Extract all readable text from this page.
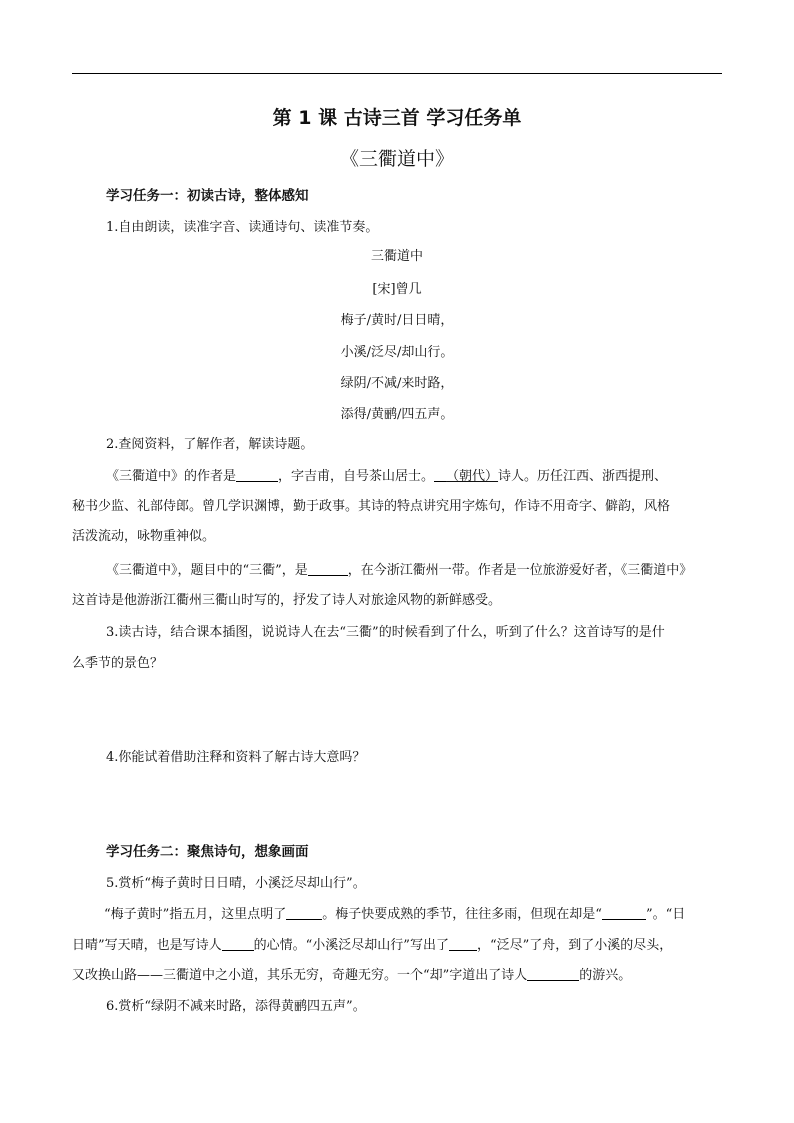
第 1 课 古诗三首 学习任务单
《三衢道中》
学习任务一：初读古诗，整体感知
1.自由朗读，读准字音、读通诗句、读准节奏。
三衢道中
[宋]曾几
梅子/黄时/日日晴，
小溪/泛尽/却山行。
绿阴/不减/来时路，
添得/黄鹂/四五声。
2.查阅资料，了解作者，解读诗题。
《三衢道中》的作者是	，字吉甫，自号茶山居士。 （朝代）诗人。历任江西、浙西提刑、
秘书少监、礼部侍郎。曾几学识渊博，勤于政事。其诗的特点讲究用字炼句，作诗不用奇字、僻韵，风格
活泼流动，咏物重神似。
《三衢道中》，题目中的“三衢”，是	，在今浙江衢州一带。作者是一位旅游爱好者，《三衢道中》
这首诗是他游浙江衢州三衢山时写的，抒发了诗人对旅途风物的新鲜感受。
3.读古诗，结合课本插图，说说诗人在去“三衢”的时候看到了什么，听到了什么？这首诗写的是什
么季节的景色？
4.你能试着借助注释和资料了解古诗大意吗？
学习任务二：聚焦诗句，想象画面
5.赏析“梅子黄时日日晴，小溪泛尽却山行”。
“梅子黄时”指五月，这里点明了	。梅子快要成熟的季节，往往多雨，但现在却是“	”。“日
日晴”写天晴，也是写诗人 的心情。“小溪泛尽却山行”写出了 ，“泛尽”了舟，到了小溪的尽头，
又改换山路——三衢道中之小道，其乐无穷，奇趣无穷。一个“却”字道出了诗人	的游兴。
6.赏析“绿阴不减来时路，添得黄鹂四五声”。
